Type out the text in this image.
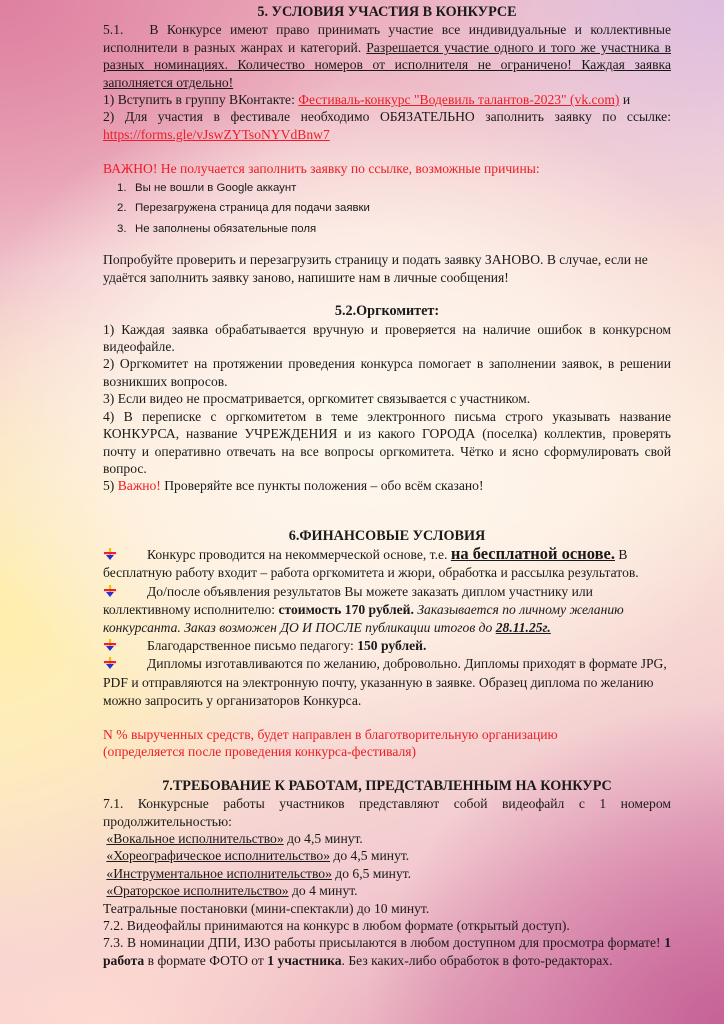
5. УСЛОВИЯ УЧАСТИЯ В КОНКУРСЕ

5.1. В Конкурсе имеют право принимать участие все индивидуальные и коллективные исполнители в разных жанрах и категорий. Разрешается участие одного и того же участника в разных номинациях. Количество номеров от исполнителя не ограничено! Каждая заявка заполняется отдельно!

1) Вступить в группу ВКонтакте: Фестиваль-конкурс "Водевиль талантов-2023" (vk.com) и

2) Для участия в фестивале необходимо ОБЯЗАТЕЛЬНО заполнить заявку по ссылке:

https://forms.gle/vJswZYTsoNYVdBnw7

ВАЖНО! Не получается заполнить заявку по ссылке, возможные причины:

1. Вы не вошли в Google аккаунт
2. Перезагружена страница для подачи заявки
3. Не заполнены обязательные поля

Попробуйте проверить и перезагрузить страницу и подать заявку ЗАНОВО. В случае, если не удаётся заполнить заявку заново, напишите нам в личные сообщения!

5.2.Оргкомитет:

1) Каждая заявка обрабатывается вручную и проверяется на наличие ошибок в конкурсном видеофайле.

2) Оргкомитет на протяжении проведения конкурса помогает в заполнении заявок, в решении возникших вопросов.

3) Если видео не просматривается, оргкомитет связывается с участником.

4) В переписке с оргкомитетом в теме электронного письма строго указывать название КОНКУРСА, название УЧРЕЖДЕНИЯ и из какого ГОРОДА (поселка) коллектив, проверять почту и оперативно отвечать на все вопросы оргкомитета. Чётко и ясно сформулировать свой вопрос.

5) Важно! Проверяйте все пункты положения – обо всём сказано!

6.ФИНАНСОВЫЕ УСЛОВИЯ

Конкурс проводится на некоммерческой основе, т.е. на бесплатной основе. В бесплатную работу входит – работа оргкомитета и жюри, обработка и рассылка результатов.

До/после объявления результатов Вы можете заказать диплом участнику или коллективному исполнителю: стоимость 170 рублей. Заказывается по личному желанию конкурсанта. Заказ возможен ДО И ПОСЛЕ публикации итогов до 28.11.25г.

Благодарственное письмо педагогу: 150 рублей.

Дипломы изготавливаются по желанию, добровольно. Дипломы приходят в формате JPG, PDF и отправляются на электронную почту, указанную в заявке. Образец диплома по желанию можно запросить у организаторов Конкурса.

N % вырученных средств, будет направлен в благотворительную организацию (определяется после проведения конкурса-фестиваля)

7.ТРЕБОВАНИЕ К РАБОТАМ, ПРЕДСТАВЛЕННЫМ НА КОНКУРС

7.1. Конкурсные работы участников представляют собой видеофайл с 1 номером продолжительностью:

«Вокальное исполнительство» до 4,5 минут.

«Хореографическое исполнительство» до 4,5 минут.

«Инструментальное исполнительство» до 6,5 минут.

«Ораторское исполнительство» до 4 минут.

Театральные постановки (мини-спектакли) до 10 минут.

7.2. Видеофайлы принимаются на конкурс в любом формате (открытый доступ).

7.3. В номинации ДПИ, ИЗО работы присылаются в любом доступном для просмотра формате! 1 работа в формате ФОТО от 1 участника. Без каких-либо обработок в фото-редакторах.
